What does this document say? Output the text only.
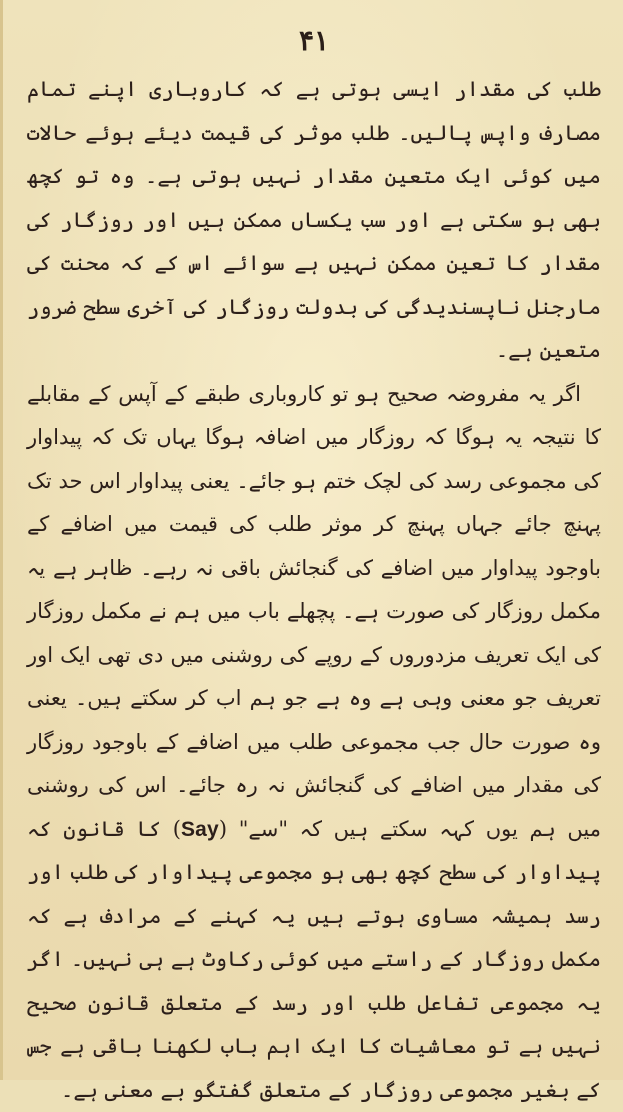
۴۱

طلب کی مقدار ایسی ہوتی ہے کہ کاروباری اپنے تمام مصارف واپس پالیں۔ طلب موثر کی قیمت دیئے ہوئے حالات میں کوئی ایک متعین مقدار نہیں ہوتی ہے۔ وہ تو کچھ بھی ہو سکتی ہے اور سب یکساں ممکن ہیں اور روزگار کی مقدار کا تعین ممکن نہیں ہے سوائے اس کے کہ محنت کی مارجنل ناپسندیدگی کی بدولت روزگار کی آخری سطح ضرور متعین ہے۔

اگر یہ مفروضہ صحیح ہو تو کاروباری طبقے کے آپس کے مقابلے کا نتیجہ یہ ہوگا کہ روزگار میں اضافہ ہوگا یہاں تک کہ پیداوار کی مجموعی رسد کی لچک ختم ہو جائے۔ یعنی پیداوار اس حد تک پہنچ جائے جہاں پہنچ کر موثر طلب کی قیمت میں اضافے کے باوجود پیداوار میں اضافے کی گنجائش باقی نہ رہے۔ ظاہر ہے یہ مکمل روزگار کی صورت ہے۔ پچھلے باب میں ہم نے مکمل روزگار کی ایک تعریف مزدوروں کے روپے کی روشنی میں دی تھی ایک اور تعریف جو معنی وہی ہے وہ ہے جو ہم اب کر سکتے ہیں۔ یعنی وہ صورت حال جب مجموعی طلب میں اضافے کے باوجود روزگار کی مقدار میں اضافے کی گنجائش نہ رہ جائے۔ اس کی روشنی میں ہم یوں کہہ سکتے ہیں کہ "سے" (Say) کا قانون کہ پیداوار کی سطح کچھ بھی ہو مجموعی پیداوار کی طلب اور رسد ہمیشہ مساوی ہوتے ہیں یہ کہنے کے مرادف ہے کہ مکمل روزگار کے راستے میں کوئی رکاوٹ ہے ہی نہیں۔ اگر یہ مجموعی تفاعل طلب اور رسد کے متعلق قانون صحیح نہیں ہے تو معاشیات کا ایک اہم باب لکھنا باقی ہے جس کے بغیر مجموعی روزگار کے متعلق گفتگو بے معنی ہے۔
